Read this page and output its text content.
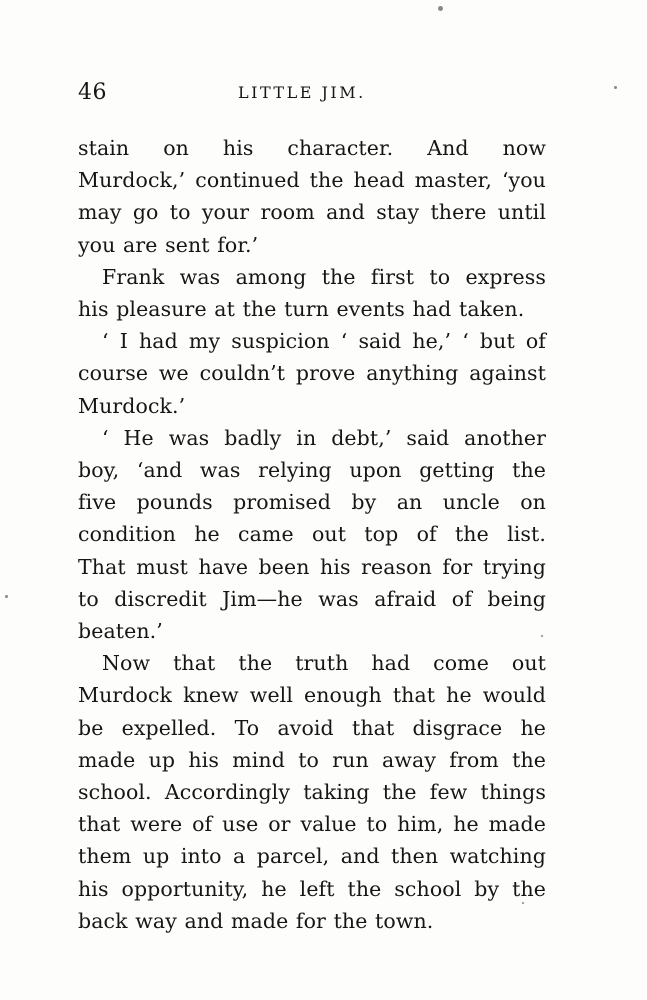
46	LITTLE JIM.

stain on his character. And now
Murdock,’ continued the head master, ‘you
may go to your room and stay there until
you are sent for.’

Frank was among the first to express
his pleasure at the turn events had taken.

‘ I had my suspicion ‘ said he,’ ‘ but of
course we couldn’t prove anything against
Murdock.’

‘ He was badly in debt,’ said another
boy, ‘and was relying upon getting the
five pounds promised by an uncle on
condition he came out top of the list.
That must have been his reason for trying
to discredit Jim—he was afraid of being
beaten.’

Now that the truth had come out
Murdock knew well enough that he would
be expelled. To avoid that disgrace he
made up his mind to run away from the
school. Accordingly taking the few things
that were of use or value to him, he made
them up into a parcel, and then watching
his opportunity, he left the school by the
back way and made for the town.
